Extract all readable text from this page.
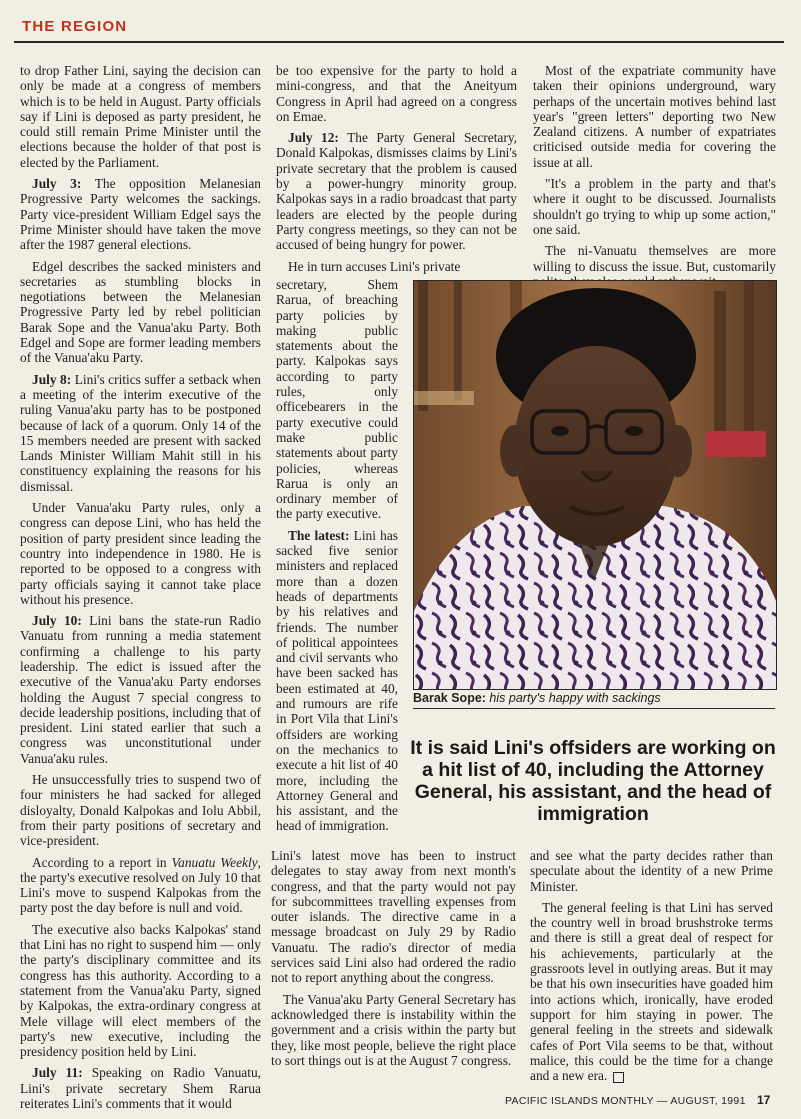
THE REGION

to drop Father Lini, saying the decision can only be made at a congress of members which is to be held in August. Party officials say if Lini is deposed as party president, he could still remain Prime Minister until the elections because the holder of that post is elected by the Parliament.

July 3: The opposition Melanesian Progressive Party welcomes the sackings. Party vice-president William Edgel says the Prime Minister should have taken the move after the 1987 general elections.

Edgel describes the sacked ministers and secretaries as stumbling blocks in negotiations between the Melanesian Progressive Party led by rebel politician Barak Sope and the Vanua'aku Party. Both Edgel and Sope are former leading members of the Vanua'aku Party.

July 8: Lini's critics suffer a setback when a meeting of the interim executive of the ruling Vanua'aku party has to be postponed because of lack of a quorum. Only 14 of the 15 members needed are present with sacked Lands Minister William Mahit still in his constituency explaining the reasons for his dismissal.

Under Vanua'aku Party rules, only a congress can depose Lini, who has held the position of party president since leading the country into independence in 1980. He is reported to be opposed to a congress with party officials saying it cannot take place without his presence.

July 10: Lini bans the state-run Radio Vanuatu from running a media statement confirming a challenge to his party leadership. The edict is issued after the executive of the Vanua'aku Party endorses holding the August 7 special congress to decide leadership positions, including that of president. Lini stated earlier that such a congress was unconstitutional under Vanua'aku rules.

He unsuccessfully tries to suspend two of four ministers he had sacked for alleged disloyalty, Donald Kalpokas and Iolu Abbil, from their party positions of secretary and vice-president.

According to a report in Vanuatu Weekly, the party's executive resolved on July 10 that Lini's move to suspend Kalpokas from the party post the day before is null and void.

The executive also backs Kalpokas' stand that Lini has no right to suspend him — only the party's disciplinary committee and its congress has this authority. According to a statement from the Vanua'aku Party, signed by Kalpokas, the extra-ordinary congress at Mele village will elect members of the party's new executive, including the presidency position held by Lini.

July 11: Speaking on Radio Vanuatu, Lini's private secretary Shem Rarua reiterates Lini's comments that it would

be too expensive for the party to hold a mini-congress, and that the Aneityum Congress in April had agreed on a congress on Emae.

July 12: The Party General Secretary, Donald Kalpokas, dismisses claims by Lini's private secretary that the problem is caused by a power-hungry minority group. Kalpokas says in a radio broadcast that party leaders are elected by the people during Party congress meetings, so they can not be accused of being hungry for power.

He in turn accuses Lini's private

secretary, Shem Rarua, of breaching party policies by making public statements about the party. Kalpokas says according to party rules, only officebearers in the party executive could make public statements about party policies, whereas Rarua is only an ordinary member of the party executive.

The latest: Lini has sacked five senior ministers and replaced more than a dozen heads of departments by his relatives and friends. The number of political appointees and civil servants who have been sacked has been estimated at 40, and rumours are rife in Port Vila that Lini's offsiders are working on the mechanics to execute a hit list of 40 more, including the Attorney General and his assistant, and the head of immigration.

Lini's latest move has been to instruct delegates to stay away from next month's congress, and that the party would not pay for subcommittees travelling expenses from outer islands. The directive came in a message broadcast on July 29 by Radio Vanuatu. The radio's director of media services said Lini also had ordered the radio not to report anything about the congress.

The Vanua'aku Party General Secretary has acknowledged there is instability within the government and a crisis within the party but they, like most people, believe the right place to sort things out is at the August 7 congress.

Most of the expatriate community have taken their opinions underground, wary perhaps of the uncertain motives behind last year's "green letters" deporting two New Zealand citizens. A number of expatriates criticised outside media for covering the issue at all.

"It's a problem in the party and that's where it ought to be discussed. Journalists shouldn't go trying to whip up some action," one said.

The ni-Vanuatu themselves are more willing to discuss the issue. But, customarily

and see what the party decides rather than speculate about the identity of a new Prime Minister.

The general feeling is that Lini has served the country well in broad brushstroke terms and there is still a great deal of respect for his achievements, particularly at the grassroots level in outlying areas. But it may be that his own insecurities have goaded him into actions which, ironically, have eroded support for him staying in power. The general feeling in the streets and sidewalk cafes of Port Vila seems to be that, without malice, this could be the time for a change and a new era.

Barak Sope: his party's happy with sackings
It is said Lini's offsiders are working on a hit list of 40, including the Attorney General, his assistant, and the head of immigration
PACIFIC ISLANDS MONTHLY — AUGUST, 1991 17
